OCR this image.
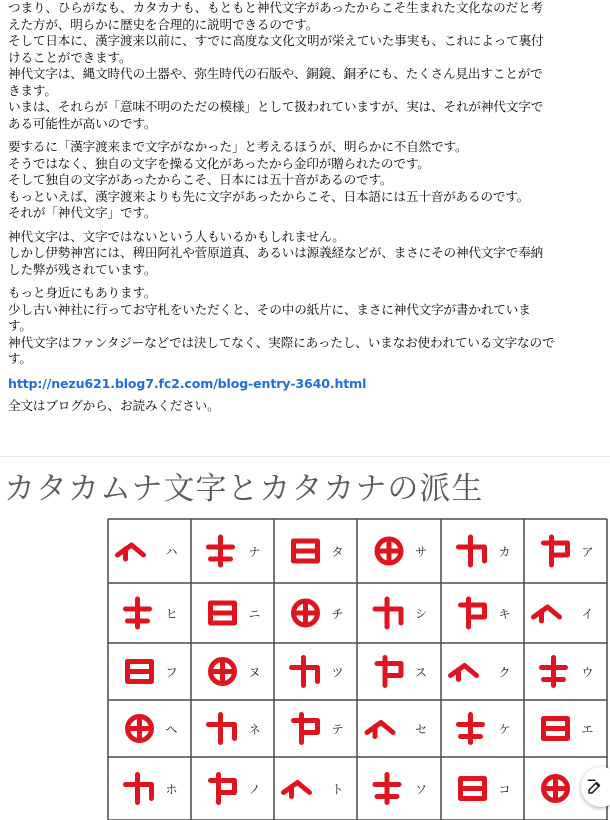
つまり、ひらがなも、カタカナも、もともと神代文字があったからこそ生まれた文化なのだと考
えた方が、明らかに歴史を合理的に説明できるのです。
そして日本に、漢字渡来以前に、すでに高度な文化文明が栄えていた事実も、これによって裏付
けることができます。
神代文字は、縄文時代の土器や、弥生時代の石版や、銅鏡、銅矛にも、たくさん見出すことがで
きます。
いまは、それらが「意味不明のただの模様」として扱われていますが、実は、それが神代文字で
ある可能性が高いのです。

要するに「漢字渡来まで文字がなかった」と考えるほうが、明らかに不自然です。
そうではなく、独自の文字を操る文化があったから金印が贈られたのです。
そして独自の文字があったからこそ、日本には五十音があるのです。
もっといえば、漢字渡来よりも先に文字があったからこそ、日本語には五十音があるのです。
それが「神代文字」です。

神代文字は、文字ではないという人もいるかもしれません。
しかし伊勢神宮には、稗田阿礼や菅原道真、あるいは源義経などが、まさにその神代文字で奉納
した弊が残されています。

もっと身近にもあります。
少し古い神社に行ってお守札をいただくと、その中の紙片に、まさに神代文字が書かれていま
す。
神代文字はファンタジーなどでは決してなく、実際にあったし、いまなお使われている文字なので
す。

http://nezu621.blog7.fc2.com/blog-entry-3640.html
全文はブログから、お読みください。
カタカムナ文字とカタカナの派生
ハ	ナ	タ	サ	カ	ア
ヒ	ニ	チ	シ	キ	イ
フ	ヌ	ツ	ス	ク	ウ
ヘ	ネ	テ	セ	ケ	エ
ホ	ノ	ト	ソ	コ
